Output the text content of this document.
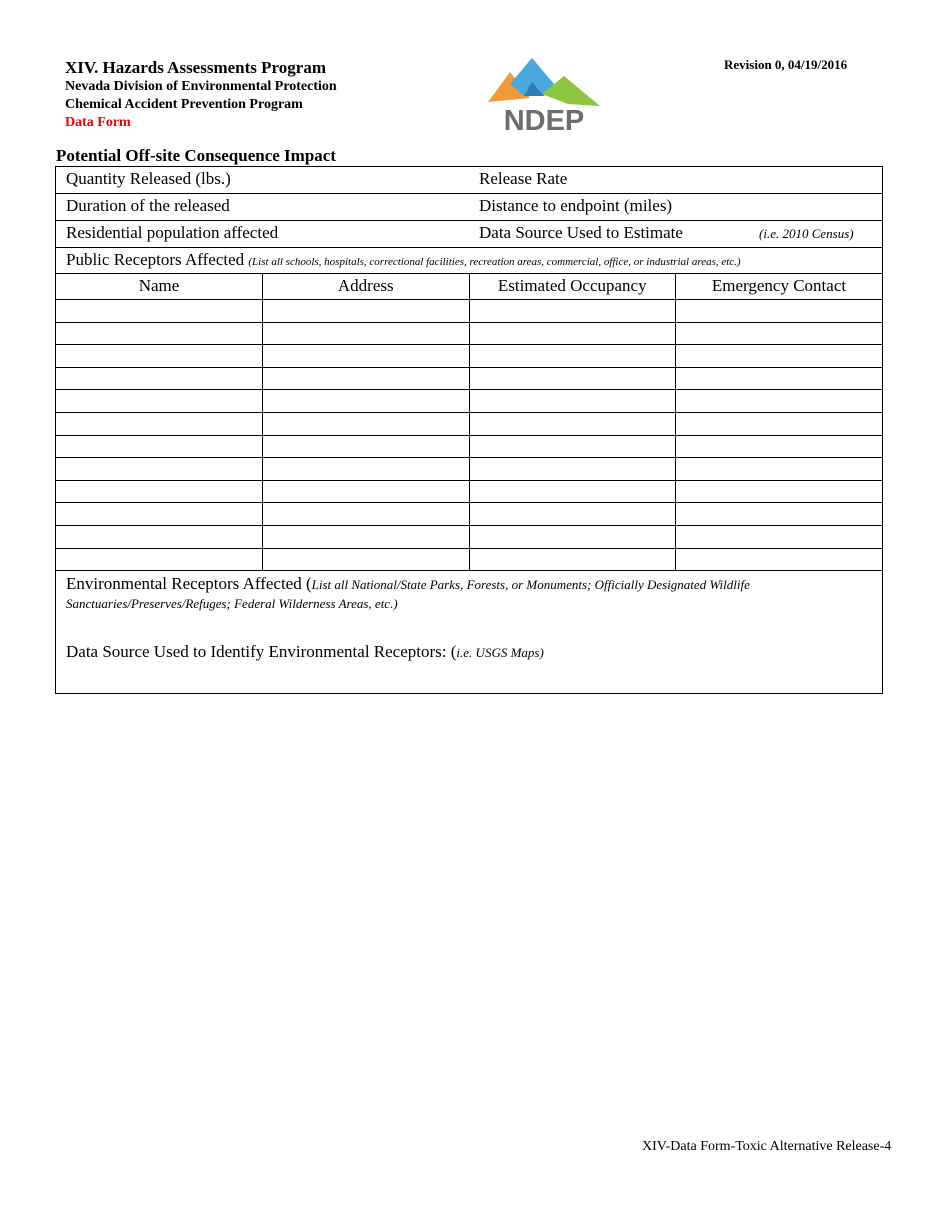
XIV. Hazards Assessments Program
Nevada Division of Environmental Protection
Chemical Accident Prevention Program
Data Form	NDEP
Revision 0, 04/19/2016
Potential Off-site Consequence Impact
Quantity Released (lbs.)	Release Rate
Duration of the released	Distance to endpoint (miles)
Residential population affected	Data Source Used to Estimate	(i.e. 2010 Census)
Public Receptors Affected (List all schools, hospitals, correctional facilities, recreation areas, commercial, office, or industrial areas, etc.)
Name	Address	Estimated Occupancy	Emergency Contact

Environmental Receptors Affected (List all National/State Parks, Forests, or Monuments; Officially Designated Wildlife Sanctuaries/Preserves/Refuges; Federal Wilderness Areas, etc.)
Data Source Used to Identify Environmental Receptors: (i.e. USGS Maps)
XIV-Data Form-Toxic Alternative Release-4
